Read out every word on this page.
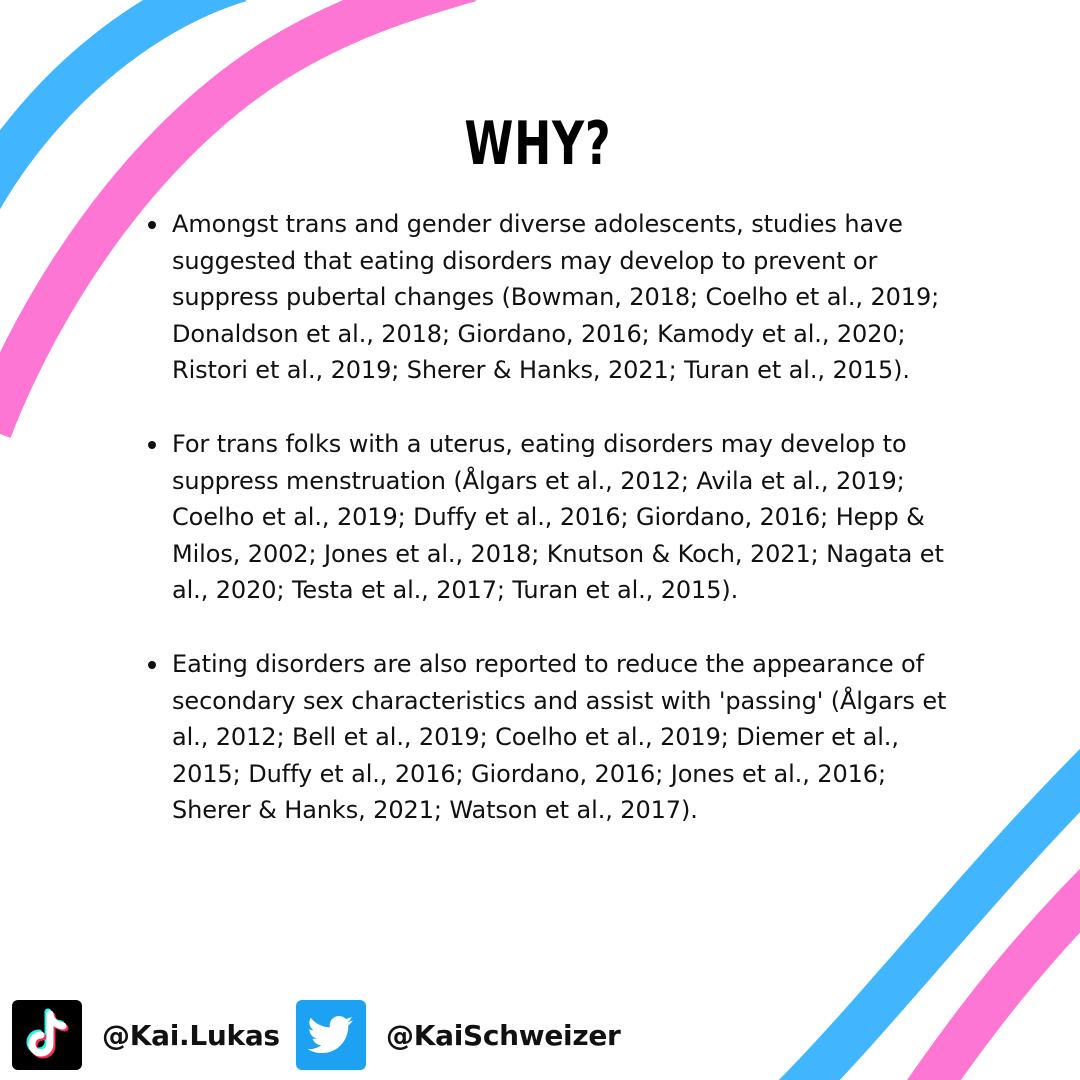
WHY?
Amongst trans and gender diverse adolescents, studies have suggested that eating disorders may develop to prevent or suppress pubertal changes (Bowman, 2018; Coelho et al., 2019; Donaldson et al., 2018; Giordano, 2016; Kamody et al., 2020; Ristori et al., 2019; Sherer & Hanks, 2021; Turan et al., 2015).
For trans folks with a uterus, eating disorders may develop to suppress menstruation (Ålgars et al., 2012; Avila et al., 2019; Coelho et al., 2019; Duffy et al., 2016; Giordano, 2016; Hepp & Milos, 2002; Jones et al., 2018; Knutson & Koch, 2021; Nagata et al., 2020; Testa et al., 2017; Turan et al., 2015).
Eating disorders are also reported to reduce the appearance of secondary sex characteristics and assist with 'passing' (Ålgars et al., 2012; Bell et al., 2019; Coelho et al., 2019; Diemer et al., 2015; Duffy et al., 2016; Giordano, 2016; Jones et al., 2016; Sherer & Hanks, 2021; Watson et al., 2017).
@Kai.Lukas	@KaiSchweizer
